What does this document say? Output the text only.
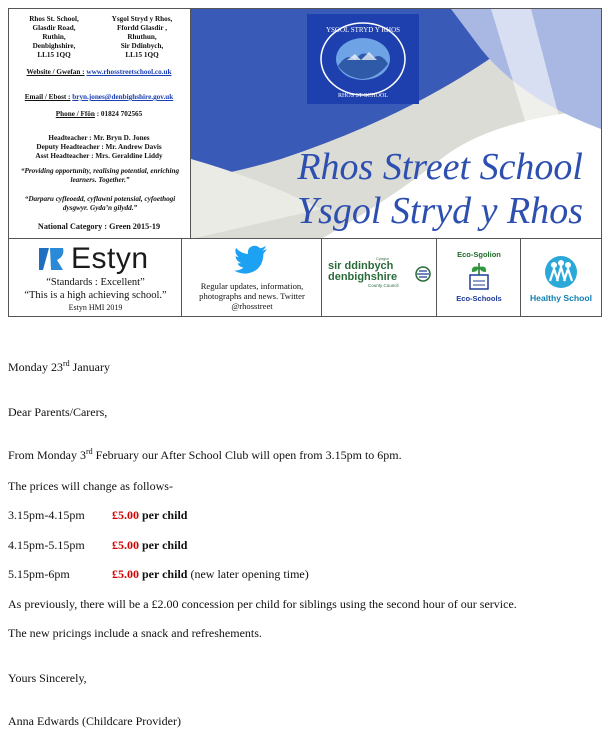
Rhos St. School,
Glasdir Road,
Ruthin,
Denbighshire,
LL15 1QQ
Ysgol Stryd y Rhos,
Ffordd Glasdir ,
Rhuthun,
Sir Ddinbych,
LL15 1QQ
Website / Gwefan : www.rhosstreetschool.co.uk
Email / Ebost : bryn.jones@denbighshire.gov.uk
Phone / Ffôn : 01824 702565
Headteacher : Mr. Bryn D. Jones
Deputy Headteacher : Mr. Andrew Davis
Asst Headteacher : Mrs. Geraldine Liddy
“Providing opportunity, realising potential, enriching learners. Together.”
“Darparu cyfleoedd, cyflawni potensial, cyfoethogi dysgwyr. Gyda’n gilydd.”
National Category : Green 2015-19
YSGOL STRYD Y RHOS
RHOS ST SCHOOL
Rhos Street School
Ysgol Stryd y Rhos
Estyn
“Standards : Excellent”
“This is a high achieving school.”
Estyn HMI 2019
Regular updates, information, photographs and news. Twitter @rhosstreet
Cyngor
sir ddinbych
denbighshire
County Council
Eco-Sgolion
Eco-Schools	Healthy School
Monday 23rd January
Dear Parents/Carers,
From Monday 3rd February our After School Club will open from 3.15pm to 6pm.
The prices will change as follows-
3.15pm-4.15pm £5.00 per child
4.15pm-5.15pm £5.00 per child
5.15pm-6pm	£5.00 per child (new later opening time)
As previously, there will be a £2.00 concession per child for siblings using the second hour of our service.
The new pricings include a snack and refreshements.
Yours Sincerely,
Anna Edwards (Childcare Provider)
